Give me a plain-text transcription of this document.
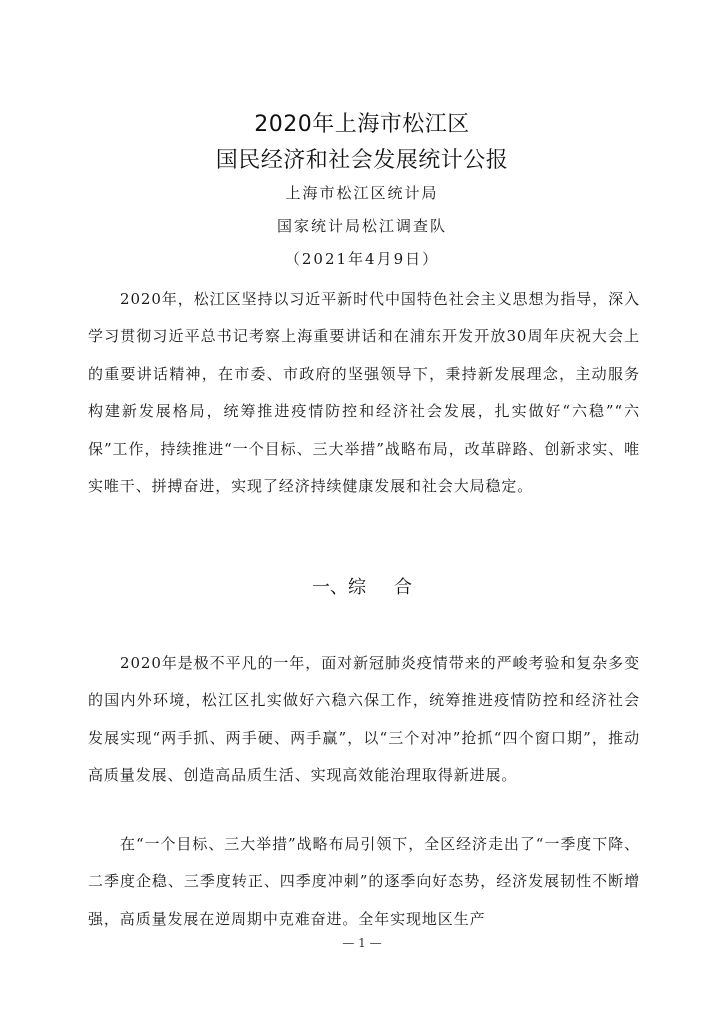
2020年上海市松江区
国民经济和社会发展统计公报
上海市松江区统计局
国家统计局松江调查队
（2021年4月9日）

2020年，松江区坚持以习近平新时代中国特色社会主义思想为指导，深入学习贯彻习近平总书记考察上海重要讲话和在浦东开发开放30周年庆祝大会上的重要讲话精神，在市委、市政府的坚强领导下，秉持新发展理念，主动服务构建新发展格局，统筹推进疫情防控和经济社会发展，扎实做好“六稳”“六保”工作，持续推进“一个目标、三大举措”战略布局，改革辟路、创新求实、唯实唯干、拼搏奋进，实现了经济持续健康发展和社会大局稳定。

一、综 合

2020年是极不平凡的一年，面对新冠肺炎疫情带来的严峻考验和复杂多变的国内外环境，松江区扎实做好六稳六保工作，统筹推进疫情防控和经济社会发展实现“两手抓、两手硬、两手赢”，以“三个对冲”抢抓“四个窗口期”，推动高质量发展、创造高品质生活、实现高效能治理取得新进展。

在“一个目标、三大举措”战略布局引领下，全区经济走出了“一季度下降、二季度企稳、三季度转正、四季度冲刺”的逐季向好态势，经济发展韧性不断增强，高质量发展在逆周期中克难奋进。全年实现地区生产

— 1 —
